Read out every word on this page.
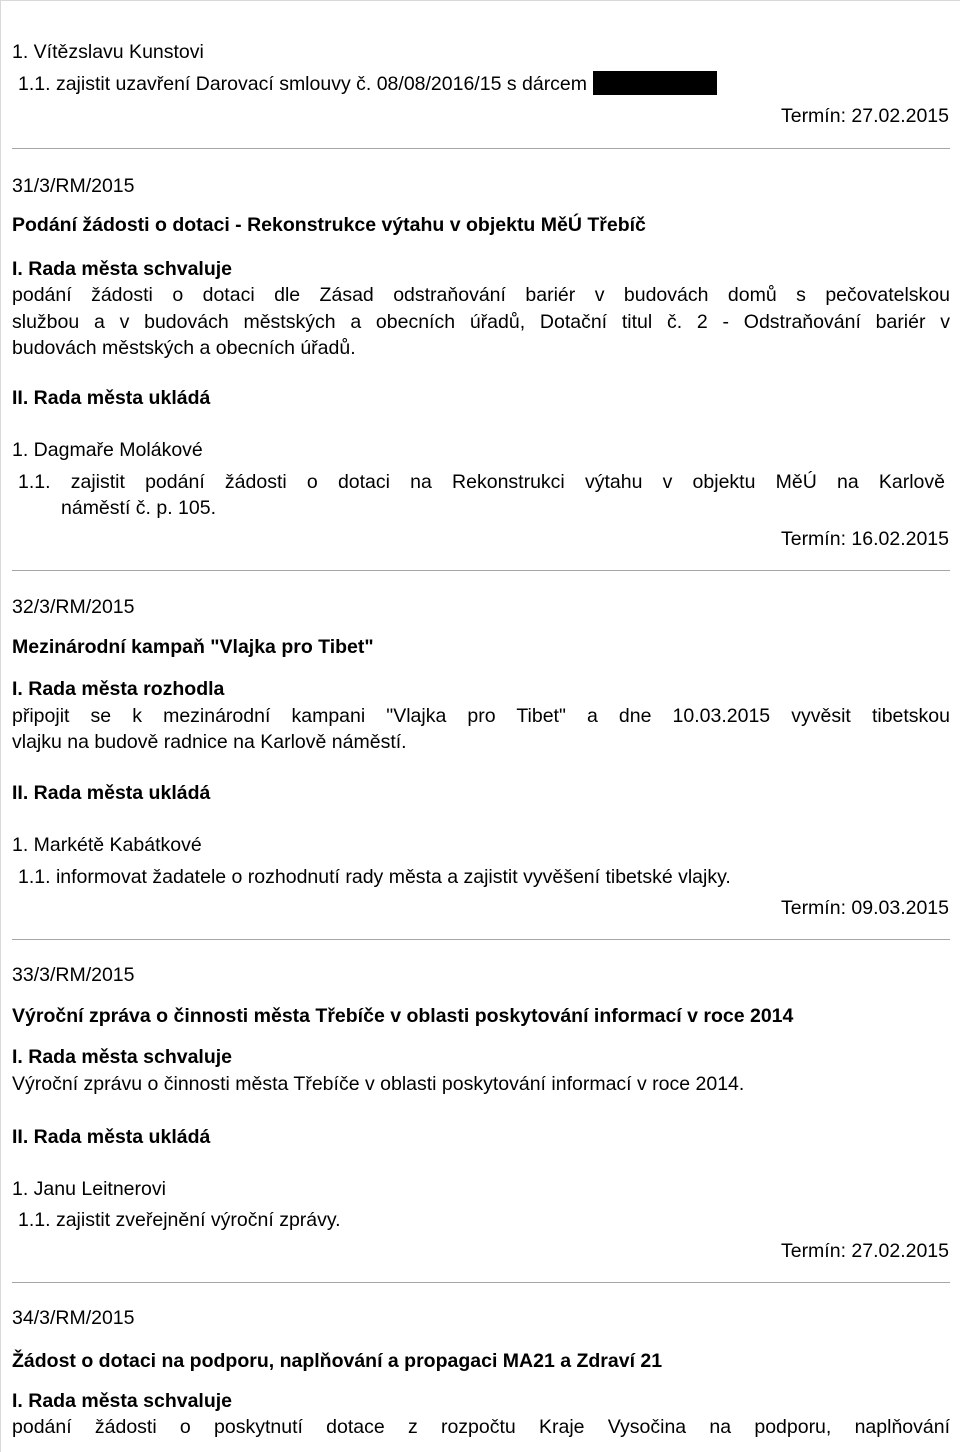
1. Vítězslavu Kunstovi
1.1. zajistit uzavření Darovací smlouvy č. 08/08/2016/15 s dárcem
Termín: 27.02.2015
31/3/RM/2015
Podání žádosti o dotaci - Rekonstrukce výtahu v objektu MěÚ Třebíč
I. Rada města schvaluje
podání žádosti o dotaci dle Zásad odstraňování bariér v budovách domů s pečovatelskou
službou a v budovách městských a obecních úřadů, Dotační titul č. 2 - Odstraňování bariér v
budovách městských a obecních úřadů.
II. Rada města ukládá
1. Dagmaře Molákové
1.1. zajistit podání žádosti o dotaci na Rekonstrukci výtahu v objektu MěÚ na Karlově
náměstí č. p. 105.
Termín: 16.02.2015
32/3/RM/2015
Mezinárodní kampaň "Vlajka pro Tibet"
I. Rada města rozhodla
připojit se k mezinárodní kampani "Vlajka pro Tibet" a dne 10.03.2015 vyvěsit tibetskou
vlajku na budově radnice na Karlově náměstí.
II. Rada města ukládá
1. Markétě Kabátkové
1.1. informovat žadatele o rozhodnutí rady města a zajistit vyvěšení tibetské vlajky.
Termín: 09.03.2015
33/3/RM/2015
Výroční zpráva o činnosti města Třebíče v oblasti poskytování informací v roce 2014
I. Rada města schvaluje
Výroční zprávu o činnosti města Třebíče v oblasti poskytování informací v roce 2014.
II. Rada města ukládá
1. Janu Leitnerovi
1.1. zajistit zveřejnění výroční zprávy.
Termín: 27.02.2015
34/3/RM/2015
Žádost o dotaci na podporu, naplňování a propagaci MA21 a Zdraví 21
I. Rada města schvaluje
podání žádosti o poskytnutí dotace z rozpočtu Kraje Vysočina na podporu, naplňování
